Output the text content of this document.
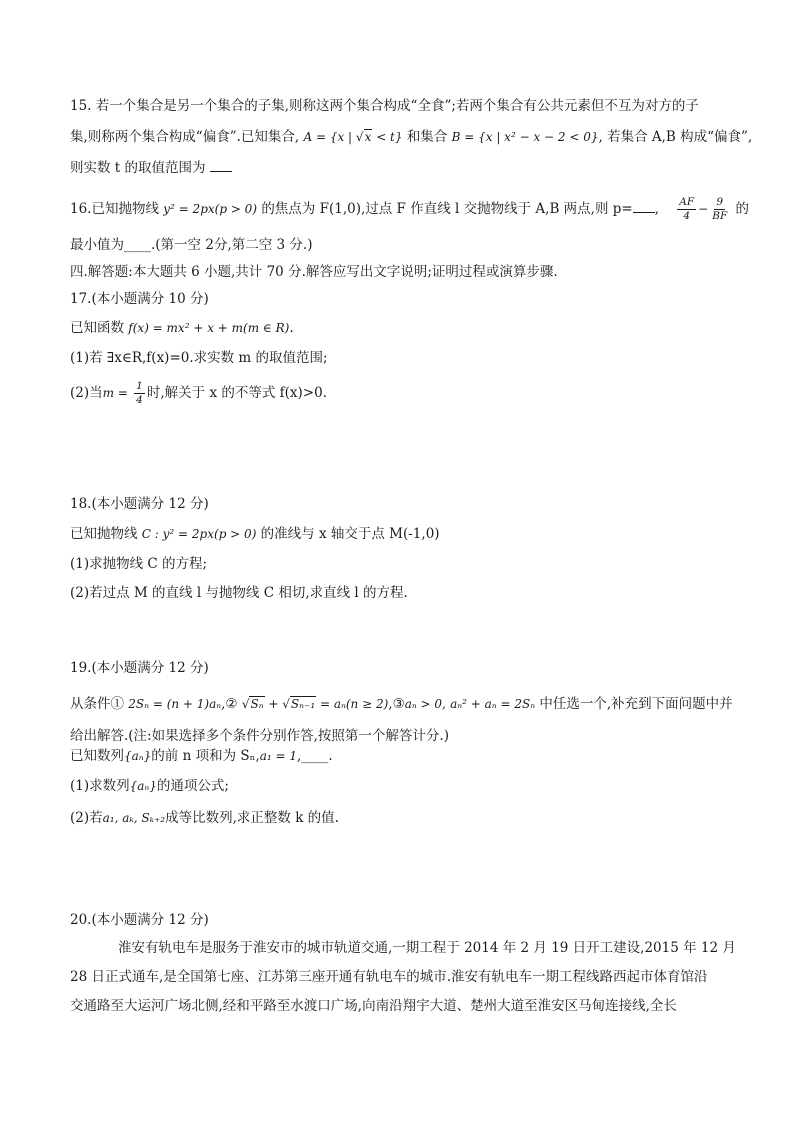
15. 若一个集合是另一个集合的子集,则称这两个集合构成“全食”;若两个集合有公共元素但不互为对方的子
集,则称两个集合构成“偏食”.已知集合, A = {x | √x < t} 和集合 B = {x | x² − x − 2 < 0}, 若集合 A,B 构成“偏食”,
则实数 t 的取值范围为
16.已知抛物线 y² = 2px(p > 0) 的焦点为 F(1,0),过点 F 作直线 l 交抛物线于 A,B 两点,则 p= , $\frac{AF}{4} - \frac{9}{BF}$ 的
最小值为____.(第一空 2分,第二空 3 分.)
四.解答题:本大题共 6 小题,共计 70 分.解答应写出文字说明;证明过程或演算步骤.
17.(本小题满分 10 分)
已知函数 f(x) = mx² + x + m(m ∈ R).
(1)若 ∃x∈R,f(x)=0.求实数 m 的取值范围;
(2)当$m = \frac{1}{4}$ 时,解关于 x 的不等式 f(x)>0.
18.(本小题满分 12 分)
已知抛物线 C : y² = 2px(p > 0) 的准线与 x 轴交于点 M(-1,0)
(1)求抛物线 C 的方程;
(2)若过点 M 的直线 l 与抛物线 C 相切,求直线 l 的方程.
19.(本小题满分 12 分)
从条件① 2Sₙ = (n + 1)aₙ,② √Sₙ + √Sₙ₋₁ = aₙ(n ≥ 2),③aₙ > 0, aₙ² + aₙ = 2Sₙ 中任选一个,补充到下面问题中并
给出解答.(注:如果选择多个条件分别作答,按照第一个解答计分.)
已知数列{aₙ}的前 n 项和为 Sₙ,a₁ = 1,____.
(1)求数列{aₙ}的通项公式;
(2)若a₁, aₖ, Sₖ₊₂成等比数列,求正整数 k 的值.
20.(本小题满分 12 分)
淮安有轨电车是服务于淮安市的城市轨道交通,一期工程于 2014 年 2 月 19 日开工建设,2015 年 12 月
28 日正式通车,是全国第七座、江苏第三座开通有轨电车的城市.淮安有轨电车一期工程线路西起市体育馆沿
交通路至大运河广场北侧,经和平路至水渡口广场,向南沿翔宇大道、楚州大道至淮安区马甸连接线,全长
